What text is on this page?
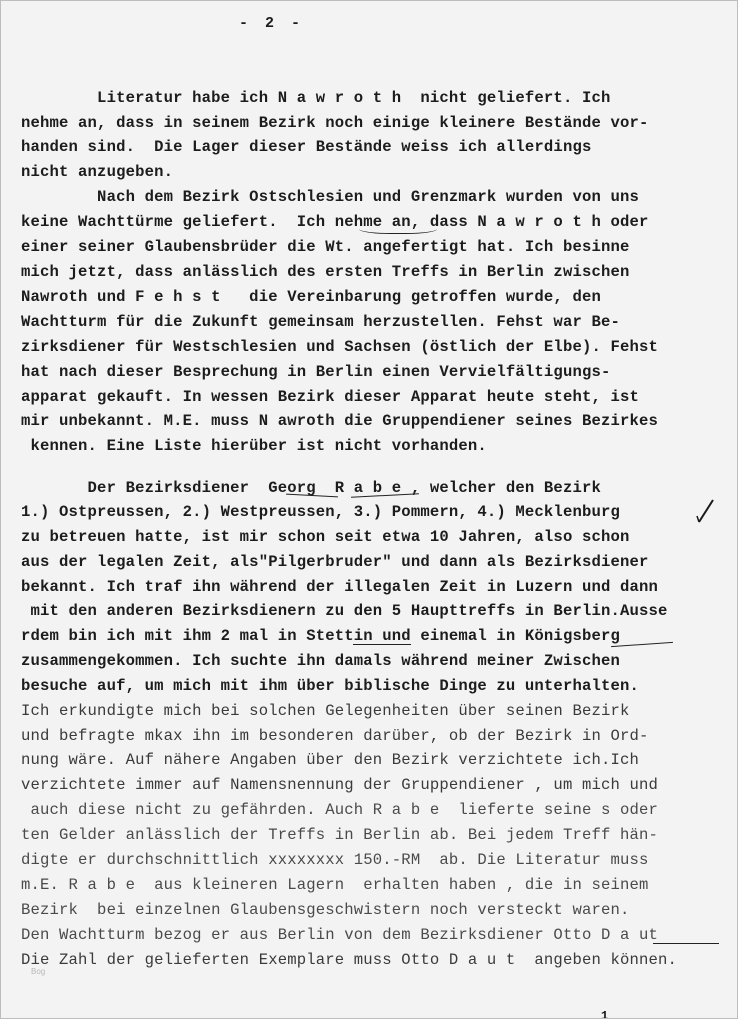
- 2 -
Literatur habe ich N a w r o t h  nicht geliefert. Ich
nehme an, dass in seinem Bezirk noch einige kleinere Bestände vor-
handen sind.  Die Lager dieser Bestände weiss ich allerdings
nicht anzugeben.
Nach dem Bezirk Ostschlesien und Grenzmark wurden von uns
keine Wachttürme geliefert.  Ich nehme an, dass N a w r o t h oder
einer seiner Glaubensbrüder die Wt. angefertigt hat. Ich besinne
mich jetzt, dass anlässlich des ersten Treffs in Berlin zwischen
Nawroth und F e h s t   die Vereinbarung getroffen wurde, den
Wachtturm für die Zukunft gemeinsam herzustellen. Fehst war Be-
zirksdiener für Westschlesien und Sachsen (östlich der Elbe). Fehst
hat nach dieser Besprechung in Berlin einen Vervielfältigungs-
apparat gekauft. In wessen Bezirk dieser Apparat heute steht, ist
mir unbekannt. M.E. muss N awroth die Gruppendiener seines Bezirkes
kennen. Eine Liste hierüber ist nicht vorhanden.
Der Bezirksdiener  Georg  R a b e , welcher den Bezirk
1.) Ostpreussen, 2.) Westpreussen, 3.) Pommern, 4.) Mecklenburg
zu betreuen hatte, ist mir schon seit etwa 10 Jahren, also schon
aus der legalen Zeit, als"Pilgerbruder" und dann als Bezirksdiener
bekannt. Ich traf ihn während der illegalen Zeit in Luzern und dann
mit den anderen Bezirksdienern zu den 5 Haupttreffs in Berlin.Ausse
rdem bin ich mit ihm 2 mal in Stettin und einemal in Königsberg
zusammengekommen. Ich suchte ihn damals während meiner Zwischen
besuche auf, um mich mit ihm über biblische Dinge zu unterhalten.
Ich erkundigte mich bei solchen Gelegenheiten über seinen Bezirk
und befragte mkax ihn im besonderen darüber, ob der Bezirk in Ord-
nung wäre. Auf nähere Angaben über den Bezirk verzichtete ich.Ich
verzichtete immer auf Namensnennung der Gruppendiener , um mich und
auch diese nicht zu gefährden. Auch R a b e  lieferte seine s oder
ten Gelder anlässlich der Treffs in Berlin ab. Bei jedem Treff hän-
digte er durchschnittlich xxxxxxxx 150.-RM  ab. Die Literatur muss
m.E. R a b e  aus kleineren Lagern  erhalten haben , die in seinem
Bezirk  bei einzelnen Glaubensgeschwistern noch versteckt waren.
Den Wachtturm bezog er aus Berlin von dem Bezirksdiener Otto D a ut
Die Zahl der gelieferten Exemplare muss Otto D a u t  angeben können.
Bog
1
